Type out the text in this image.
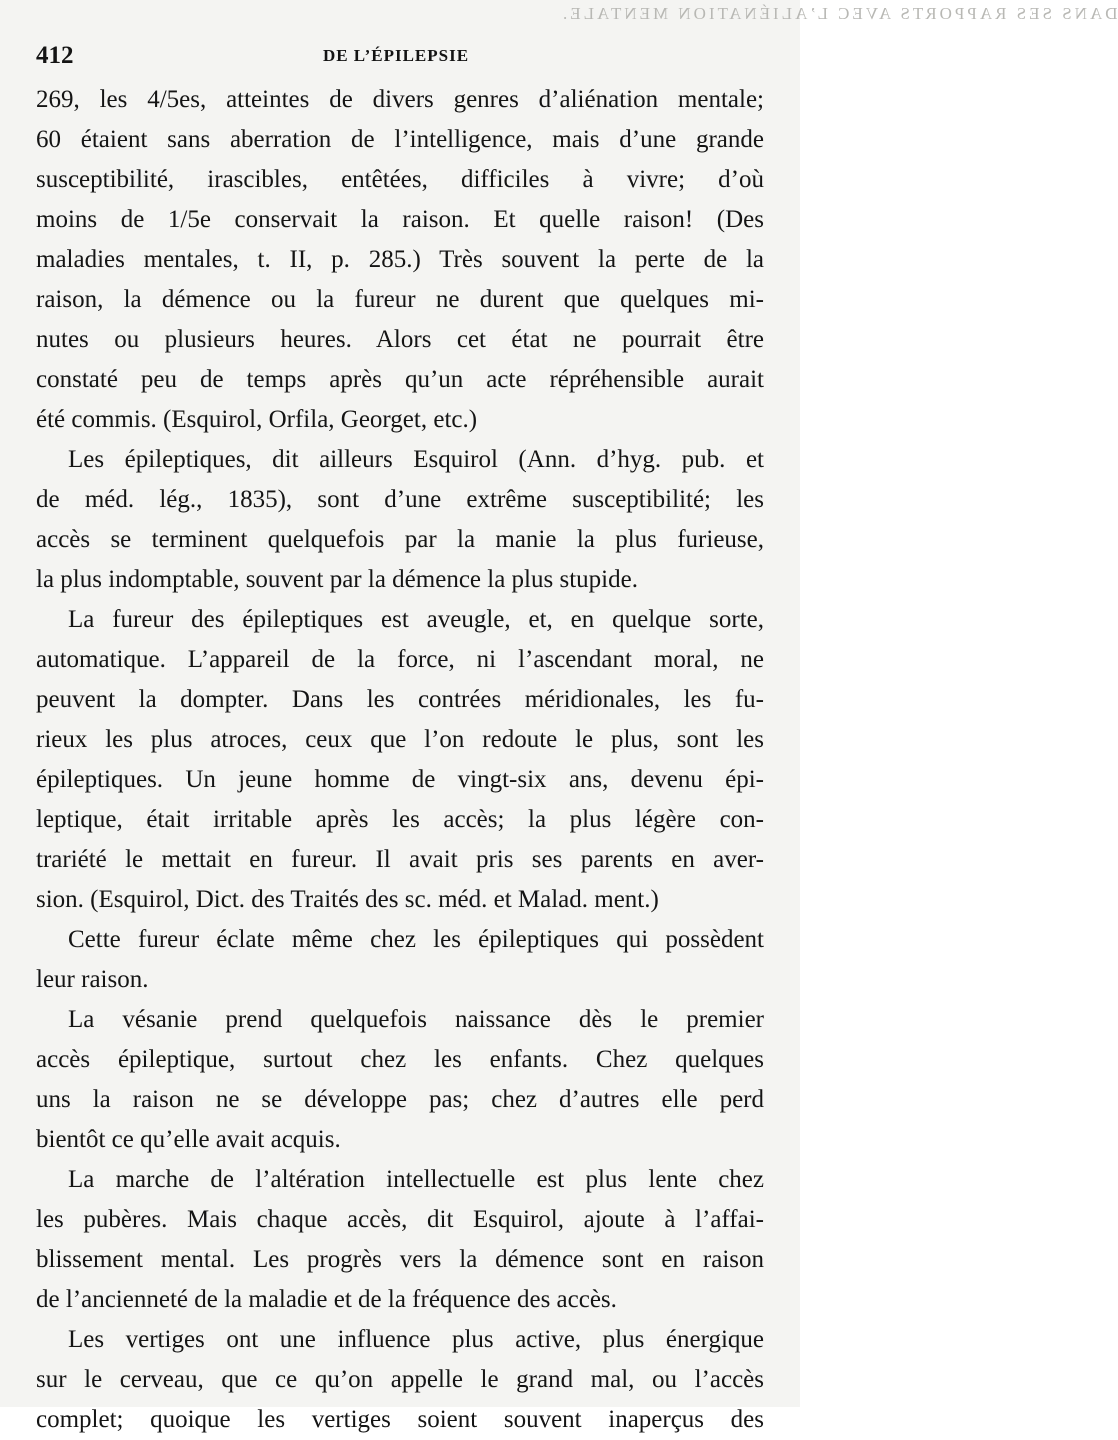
DANS SES RAPPORTS AVEC L’ALIÉNATION MENTALE.
412	DE L’ÉPILEPSIE
269, les 4/5es, atteintes de divers genres d’aliénation mentale;
60 étaient sans aberration de l’intelligence, mais d’une grande
susceptibilité, irascibles, entêtées, difficiles à vivre; d’où
moins de 1/5e conservait la raison. Et quelle raison! (Des
maladies mentales, t. II, p. 285.) Très souvent la perte de la
raison, la démence ou la fureur ne durent que quelques mi-
nutes ou plusieurs heures. Alors cet état ne pourrait être
constaté peu de temps après qu’un acte répréhensible aurait
été commis. (Esquirol, Orfila, Georget, etc.)
Les épileptiques, dit ailleurs Esquirol (Ann. d’hyg. pub. et
de méd. lég., 1835), sont d’une extrême susceptibilité; les
accès se terminent quelquefois par la manie la plus furieuse,
la plus indomptable, souvent par la démence la plus stupide.
La fureur des épileptiques est aveugle, et, en quelque sorte,
automatique. L’appareil de la force, ni l’ascendant moral, ne
peuvent la dompter. Dans les contrées méridionales, les fu-
rieux les plus atroces, ceux que l’on redoute le plus, sont les
épileptiques. Un jeune homme de vingt-six ans, devenu épi-
leptique, était irritable après les accès; la plus légère con-
trariété le mettait en fureur. Il avait pris ses parents en aver-
sion. (Esquirol, Dict. des Traités des sc. méd. et Malad. ment.)
Cette fureur éclate même chez les épileptiques qui possèdent
leur raison.
La vésanie prend quelquefois naissance dès le premier
accès épileptique, surtout chez les enfants. Chez quelques
uns la raison ne se développe pas; chez d’autres elle perd
bientôt ce qu’elle avait acquis.
La marche de l’altération intellectuelle est plus lente chez
les pubères. Mais chaque accès, dit Esquirol, ajoute à l’affai-
blissement mental. Les progrès vers la démence sont en raison
de l’ancienneté de la maladie et de la fréquence des accès.
Les vertiges ont une influence plus active, plus énergique
sur le cerveau, que ce qu’on appelle le grand mal, ou l’accès
complet; quoique les vertiges soient souvent inaperçus des
